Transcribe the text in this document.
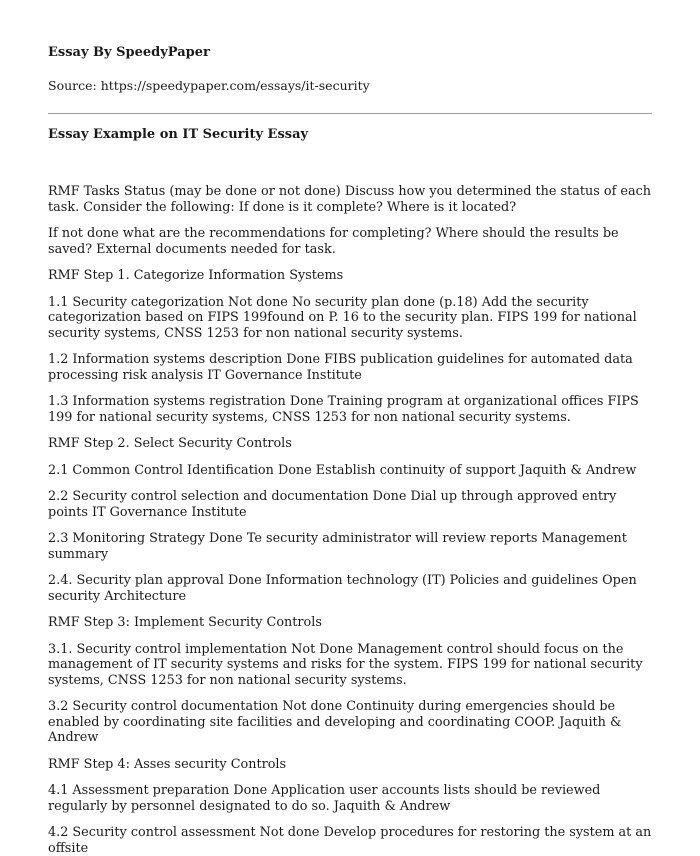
Essay By SpeedyPaper

Source: https://speedypaper.com/essays/it-security

Essay Example on IT Security Essay

RMF Tasks Status (may be done or not done) Discuss how you determined the status of each task. Consider the following: If done is it complete? Where is it located?

If not done what are the recommendations for completing? Where should the results be saved? External documents needed for task.

RMF Step 1. Categorize Information Systems

1.1 Security categorization Not done No security plan done (p.18) Add the security categorization based on FIPS 199found on P. 16 to the security plan. FIPS 199 for national security systems, CNSS 1253 for non national security systems.

1.2 Information systems description Done FIBS publication guidelines for automated data processing risk analysis IT Governance Institute

1.3 Information systems registration Done Training program at organizational offices FIPS 199 for national security systems, CNSS 1253 for non national security systems.

RMF Step 2. Select Security Controls

2.1 Common Control Identification Done Establish continuity of support Jaquith & Andrew

2.2 Security control selection and documentation Done Dial up through approved entry points IT Governance Institute

2.3 Monitoring Strategy Done Te security administrator will review reports Management summary

2.4. Security plan approval Done Information technology (IT) Policies and guidelines Open security Architecture

RMF Step 3: Implement Security Controls

3.1. Security control implementation Not Done Management control should focus on the management of IT security systems and risks for the system. FIPS 199 for national security systems, CNSS 1253 for non national security systems.

3.2 Security control documentation Not done Continuity during emergencies should be enabled by coordinating site facilities and developing and coordinating COOP. Jaquith & Andrew

RMF Step 4: Asses security Controls

4.1 Assessment preparation Done Application user accounts lists should be reviewed regularly by personnel designated to do so. Jaquith & Andrew

4.2 Security control assessment Not done Develop procedures for restoring the system at an offsite
